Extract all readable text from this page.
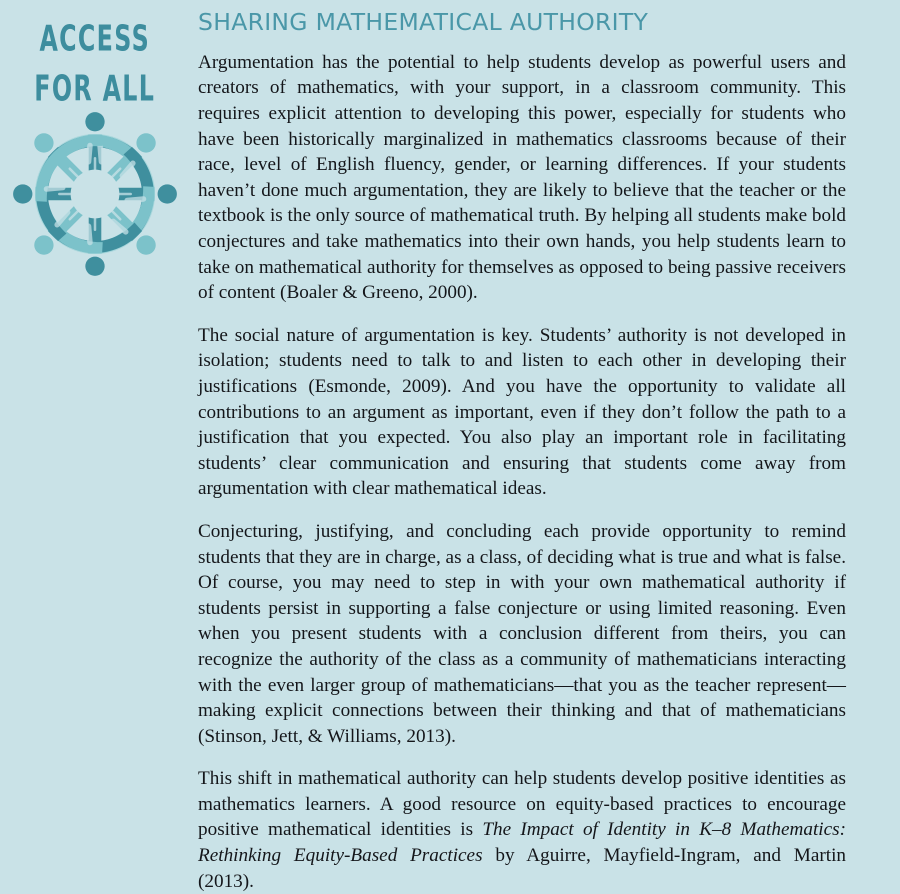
ACCESS
FOR ALL
SHARING MATHEMATICAL AUTHORITY

Argumentation has the potential to help students develop as powerful users and creators of mathematics, with your support, in a classroom community. This requires explicit attention to developing this power, especially for students who have been historically marginalized in mathematics classrooms because of their race, level of English fluency, gender, or learning differences. If your students haven’t done much argumentation, they are likely to believe that the teacher or the textbook is the only source of mathematical truth. By helping all students make bold conjectures and take mathematics into their own hands, you help students learn to take on mathematical authority for themselves as opposed to being passive receivers of content (Boaler & Greeno, 2000).

The social nature of argumentation is key. Students’ authority is not developed in isolation; students need to talk to and listen to each other in developing their justifications (Esmonde, 2009). And you have the opportunity to validate all contributions to an argument as important, even if they don’t follow the path to a justification that you expected. You also play an important role in facilitating students’ clear communication and ensuring that students come away from argumentation with clear mathematical ideas.

Conjecturing, justifying, and concluding each provide opportunity to remind students that they are in charge, as a class, of deciding what is true and what is false. Of course, you may need to step in with your own mathematical authority if students persist in supporting a false conjecture or using limited reasoning. Even when you present students with a conclusion different from theirs, you can recognize the authority of the class as a community of mathematicians interacting with the even larger group of mathematicians—that you as the teacher represent—making explicit connections between their thinking and that of mathematicians (Stinson, Jett, & Williams, 2013).

This shift in mathematical authority can help students develop positive identities as mathematics learners. A good resource on equity-based practices to encourage positive mathematical identities is The Impact of Identity in K–8 Mathematics: Rethinking Equity-Based Practices by Aguirre, Mayfield-Ingram, and Martin (2013).
